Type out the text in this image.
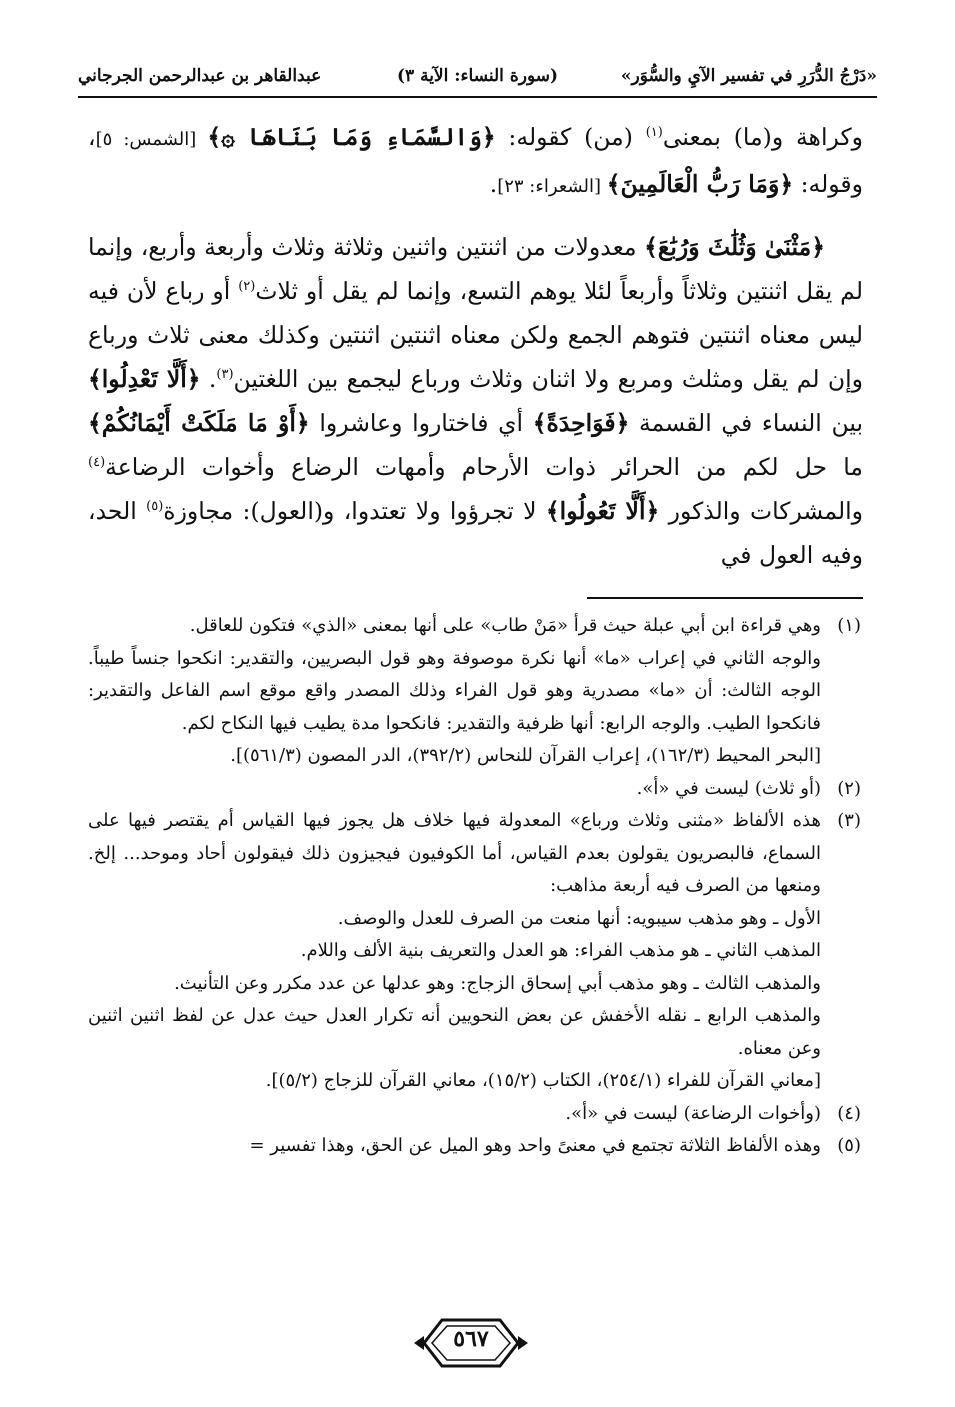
«دَرْجُ الدُّرَرِ في تفسير الآيِ والسُّوَر»
(سورة النساء: الآية ٣)
عبدالقاهر بن عبدالرحمن الجرجاني

وكراهة و(ما) بمعنى$^{(١)}$ (من) كقوله: ﴿وَالسَّمَاءِ وَمَا بَنَاهَا ۞﴾ [الشمس: ٥]، وقوله: ﴿وَمَا رَبُّ الْعَالَمِينَ﴾ [الشعراء: ٢٣].

﴿مَثْنَىٰ وَثُلَٰثَ وَرُبَٰعَ﴾ معدولات من اثنتين واثنين وثلاثة وثلاث وأربعة وأربع، وإنما لم يقل اثنتين وثلاثاً وأربعاً لئلا يوهم التسع، وإنما لم يقل أو ثلاث$^{(٢)}$ أو رباع لأن فيه ليس معناه اثنتين فتوهم الجمع ولكن معناه اثنتين اثنتين وكذلك معنى ثلاث ورباع وإن لم يقل ومثلث ومربع ولا اثنان وثلاث ورباع ليجمع بين اللغتين$^{(٣)}$. ﴿أَلَّا تَعْدِلُوا﴾ بين النساء في القسمة ﴿فَوَاحِدَةً﴾ أي فاختاروا وعاشروا ﴿أَوْ مَا مَلَكَتْ أَيْمَانُكُمْ﴾ ما حل لكم من الحرائر ذوات الأرحام وأمهات الرضاع وأخوات الرضاعة$^{(٤)}$ والمشركات والذكور ﴿أَلَّا تَعُولُوا﴾ لا تجرؤوا ولا تعتدوا، و(العول): مجاوزة$^{(٥)}$ الحد، وفيه العول في

(١)

وهي قراءة ابن أبي عبلة حيث قرأ «مَنْ طاب» على أنها بمعنى «الذي» فتكون للعاقل.

والوجه الثاني في إعراب «ما» أنها نكرة موصوفة وهو قول البصريين، والتقدير: انكحوا جنساً طيباً. الوجه الثالث: أن «ما» مصدرية وهو قول الفراء وذلك المصدر واقع موقع اسم الفاعل والتقدير: فانكحوا الطيب. والوجه الرابع: أنها ظرفية والتقدير: فانكحوا مدة يطيب فيها النكاح لكم.

[البحر المحيط (١٦٢/٣)، إعراب القرآن للنحاس (٣٩٢/٢)، الدر المصون (٥٦١/٣)].

(٢)

(أو ثلاث) ليست في «أ».

(٣)

هذه الألفاظ «مثنى وثلاث ورباع» المعدولة فيها خلاف هل يجوز فيها القياس أم يقتصر فيها على السماع، فالبصريون يقولون بعدم القياس، أما الكوفيون فيجيزون ذلك فيقولون أحاد وموحد... إلخ. ومنعها من الصرف فيه أربعة مذاهب:

الأول ـ وهو مذهب سيبويه: أنها منعت من الصرف للعدل والوصف.

المذهب الثاني ـ هو مذهب الفراء: هو العدل والتعريف بنية الألف واللام.

والمذهب الثالث ـ وهو مذهب أبي إسحاق الزجاج: وهو عدلها عن عدد مكرر وعن التأنيث.

والمذهب الرابع ـ نقله الأخفش عن بعض النحويين أنه تكرار العدل حيث عدل عن لفظ اثنين اثنين وعن معناه.

[معاني القرآن للفراء (٢٥٤/١)، الكتاب (١٥/٢)، معاني القرآن للزجاج (٥/٢)].

(٤)

(وأخوات الرضاعة) ليست في «أ».

(٥)

وهذه الألفاظ الثلاثة تجتمع في معنىً واحد وهو الميل عن الحق، وهذا تفسير =

٥٦٧
